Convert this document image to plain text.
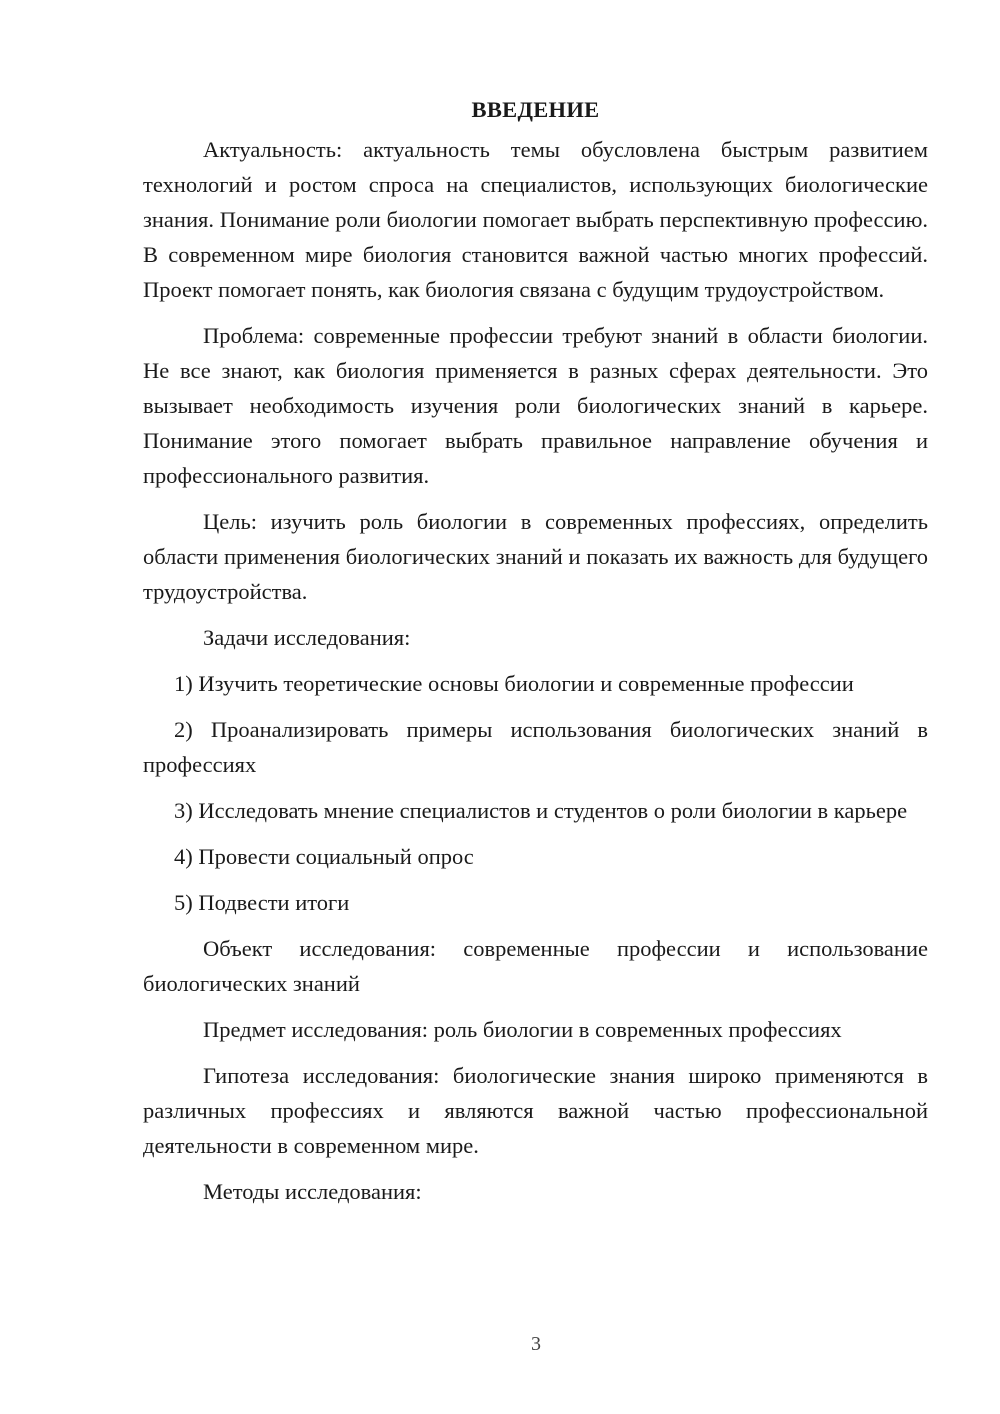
ВВЕДЕНИЕ

Актуальность: актуальность темы обусловлена быстрым развитием технологий и ростом спроса на специалистов, использующих биологические знания. Понимание роли биологии помогает выбрать перспективную профессию. В современном мире биология становится важной частью многих профессий. Проект помогает понять, как биология связана с будущим трудоустройством.

Проблема: современные профессии требуют знаний в области биологии. Не все знают, как биология применяется в разных сферах деятельности. Это вызывает необходимость изучения роли биологических знаний в карьере. Понимание этого помогает выбрать правильное направление обучения и профессионального развития.

Цель: изучить роль биологии в современных профессиях, определить области применения биологических знаний и показать их важность для будущего трудоустройства.

Задачи исследования:

1) Изучить теоретические основы биологии и современные профессии

2) Проанализировать примеры использования биологических знаний в профессиях

3) Исследовать мнение специалистов и студентов о роли биологии в карьере

4) Провести социальный опрос

5) Подвести итоги

Объект исследования: современные профессии и использование биологических знаний

Предмет исследования: роль биологии в современных профессиях

Гипотеза исследования: биологические знания широко применяются в различных профессиях и являются важной частью профессиональной деятельности в современном мире.

Методы исследования:

3
